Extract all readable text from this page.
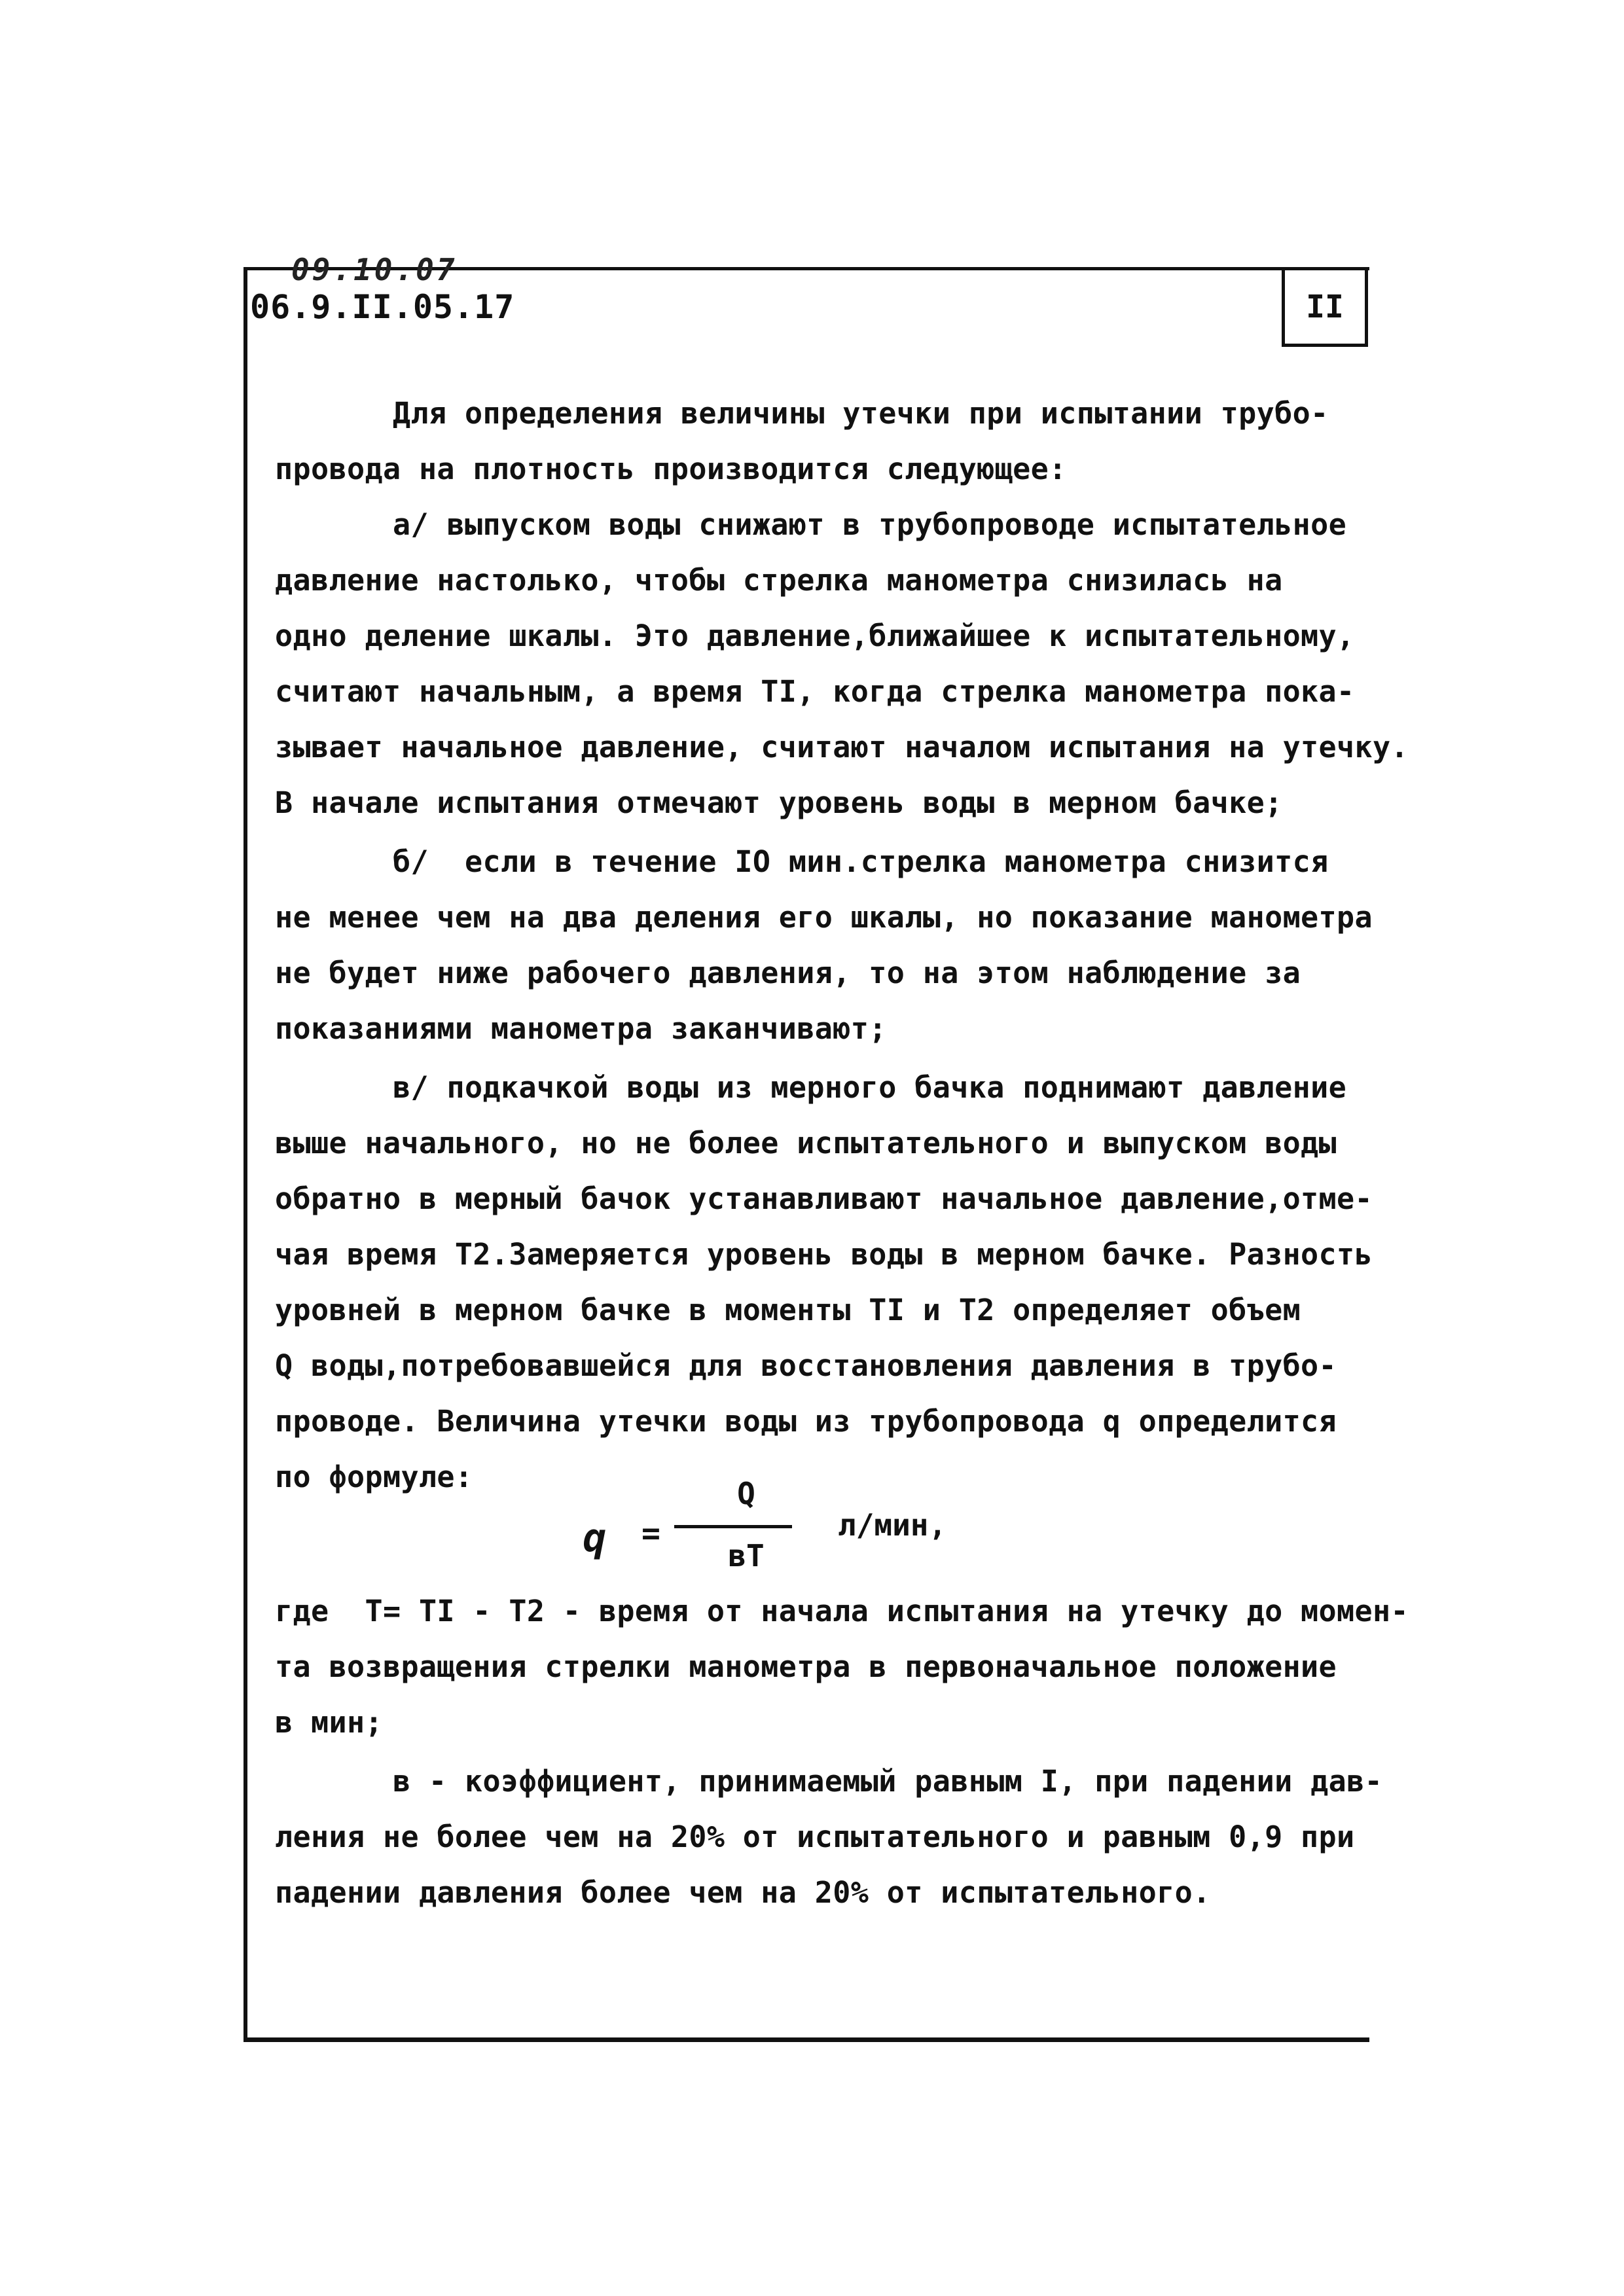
09.10.07
06.9.II.05.17	II
Для определения величины утечки при испытании трубо-
провода на плотность производится следующее:
а/ выпуском воды снижают в трубопроводе испытательное
давление настолько, чтобы стрелка манометра снизилась на
одно деление шкалы. Это давление,ближайшее к испытательному,
считают начальным, а время TI, когда стрелка манометра пока-
зывает начальное давление, считают началом испытания на утечку.
В начале испытания отмечают уровень воды в мерном бачке;
б/  если в течение IO мин.стрелка манометра снизится
не менее чем на два деления его шкалы, но показание манометра
не будет ниже рабочего давления, то на этом наблюдение за
показаниями манометра заканчивают;
в/ подкачкой воды из мерного бачка поднимают давление
выше начального, но не более испытательного и выпуском воды
обратно в мерный бачок устанавливают начальное давление,отме-
чая время T2.Замеряется уровень воды в мерном бачке. Разность
уровней в мерном бачке в моменты TI и T2 определяет объем
Q воды,потребовавшейся для восстановления давления в трубо-
проводе. Величина утечки воды из трубопровода q определится
по формуле:
q =
Q
вT
л/мин,
где  T= TI - T2 - время от начала испытания на утечку до момен-
та возвращения стрелки манометра в первоначальное положение
в мин;
в - коэффициент, принимаемый равным I, при падении дав-
ления не более чем на 20% от испытательного и равным 0,9 при
падении давления более чем на 20% от испытательного.
